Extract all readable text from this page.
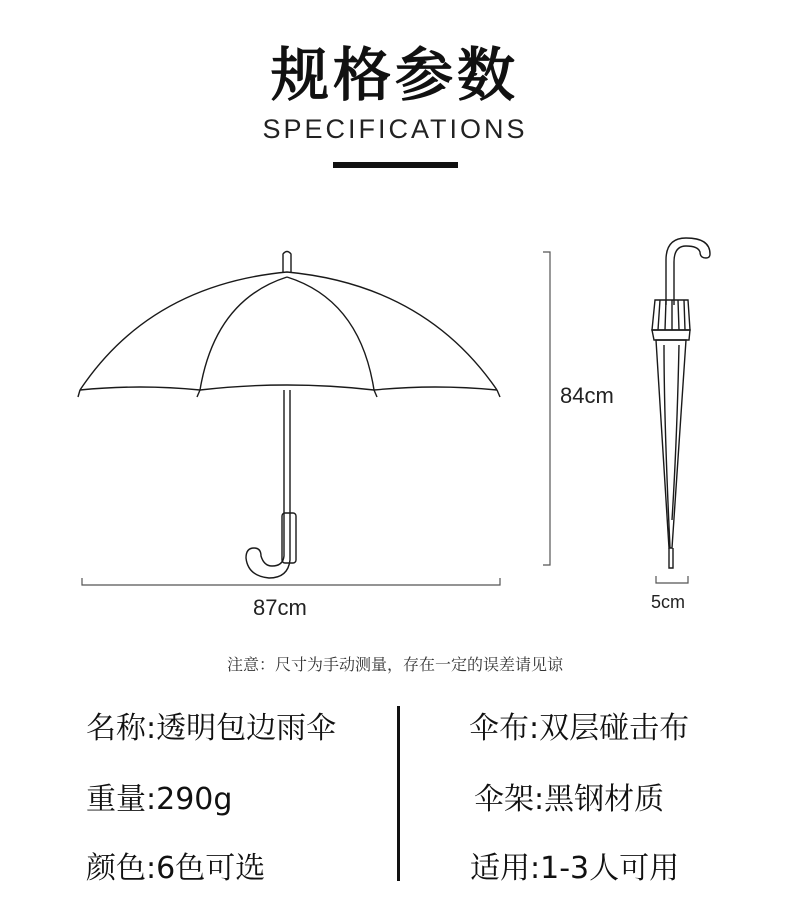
规格参数
SPECIFICATIONS
84cm
87cm	5cm
注意：尺寸为手动测量，存在一定的误差请见谅
名称:透明包边雨伞
重量:290g
颜色:6色可选
伞布:双层碰击布
伞架:黑钢材质
适用:1-3人可用
